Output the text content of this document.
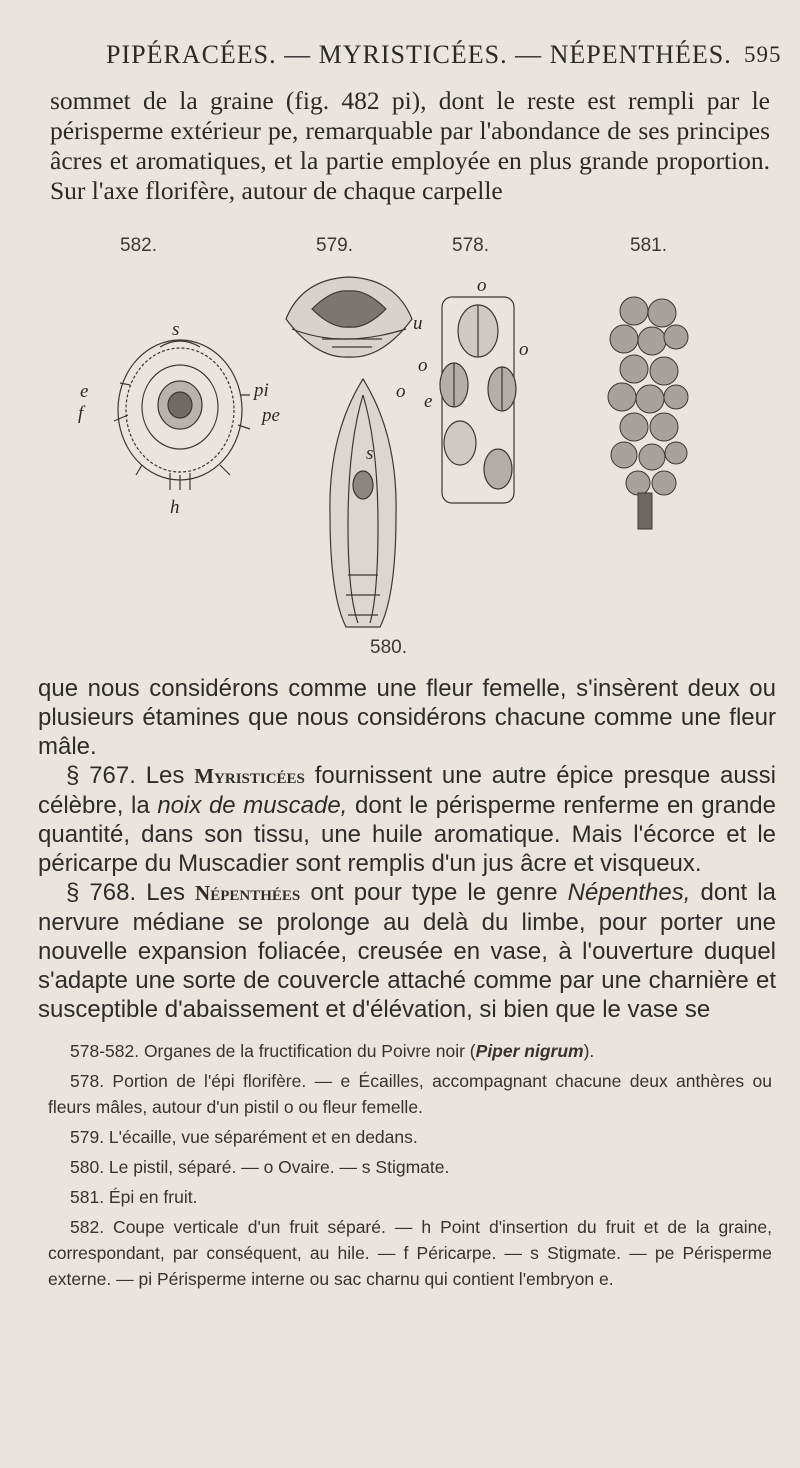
PIPÉRACÉES. — MYRISTICÉES. — NÉPENTHÉES. 595

sommet de la graine (fig. 482 pi), dont le reste est rempli par le périsperme extérieur pe, remarquable par l'abondance de ses principes âcres et aromatiques, et la partie employée en plus grande proportion. Sur l'axe florifère, autour de chaque carpelle

582.	579.	578.	581.
580.
s
e
f
pi
pe
h
o
s
o
u
o
o
e

que nous considérons comme une fleur femelle, s'insèrent deux ou plusieurs étamines que nous considérons chacune comme une fleur mâle.

§ 767. Les Myristicées fournissent une autre épice presque aussi célèbre, la noix de muscade, dont le périsperme renferme en grande quantité, dans son tissu, une huile aromatique. Mais l'écorce et le péricarpe du Muscadier sont remplis d'un jus âcre et visqueux.

§ 768. Les Népenthées ont pour type le genre Népenthes, dont la nervure médiane se prolonge au delà du limbe, pour porter une nouvelle expansion foliacée, creusée en vase, à l'ouverture duquel s'adapte une sorte de couvercle attaché comme par une charnière et susceptible d'abaissement et d'élévation, si bien que le vase se

578-582. Organes de la fructification du Poivre noir (Piper nigrum).

578. Portion de l'épi florifère. — e Écailles, accompagnant chacune deux anthères ou fleurs mâles, autour d'un pistil o ou fleur femelle.

579. L'écaille, vue séparément et en dedans.

580. Le pistil, séparé. — o Ovaire. — s Stigmate.

581. Épi en fruit.

582. Coupe verticale d'un fruit séparé. — h Point d'insertion du fruit et de la graine, correspondant, par conséquent, au hile. — f Péricarpe. — s Stigmate. — pe Périsperme externe. — pi Périsperme interne ou sac charnu qui contient l'embryon e.
